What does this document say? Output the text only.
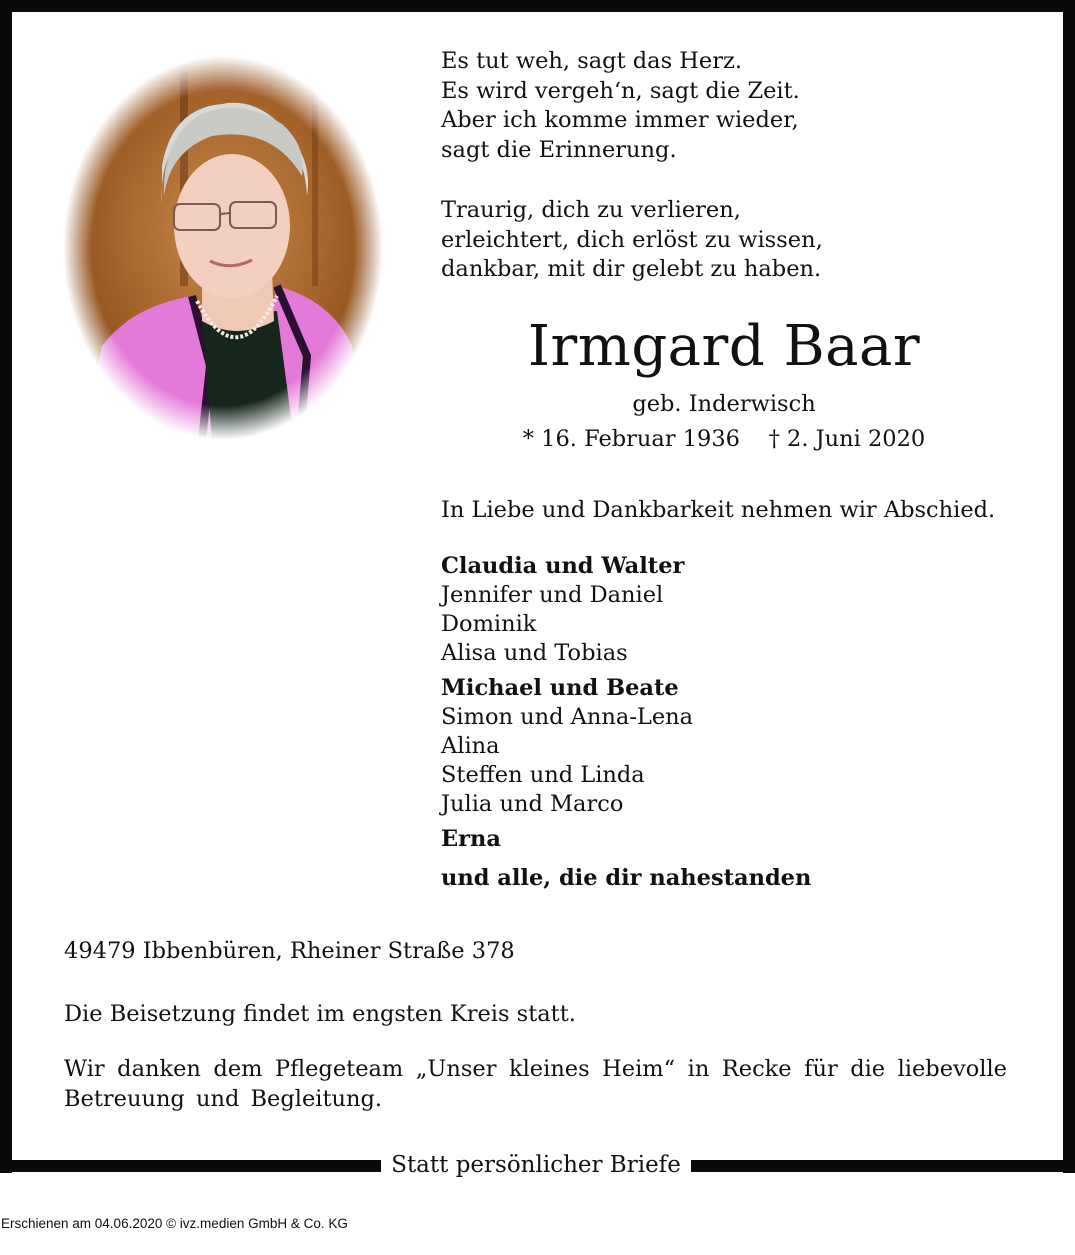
Statt persönlicher Briefe
Es tut weh, sagt das Herz.
Es wird vergeh‘n, sagt die Zeit.
Aber ich komme immer wieder,
sagt die Erinnerung.
Traurig, dich zu verlieren,
erleichtert, dich erlöst zu wissen,
dankbar, mit dir gelebt zu haben.
Irmgard Baar
geb. Inderwisch
* 16. Februar 1936    † 2. Juni 2020
In Liebe und Dankbarkeit nehmen wir Abschied.
Claudia und Walter
Jennifer und Daniel
Dominik
Alisa und Tobias
Michael und Beate
Simon und Anna-Lena
Alina
Steffen und Linda
Julia und Marco
Erna
und alle, die dir nahestanden
49479 Ibbenbüren, Rheiner Straße 378
Die Beisetzung findet im engsten Kreis statt.
Wir danken dem Pflegeteam „Unser kleines Heim“ in Recke für die liebevolle Betreuung und Begleitung.
Erschienen am 04.06.2020 © ivz.medien GmbH & Co. KG
